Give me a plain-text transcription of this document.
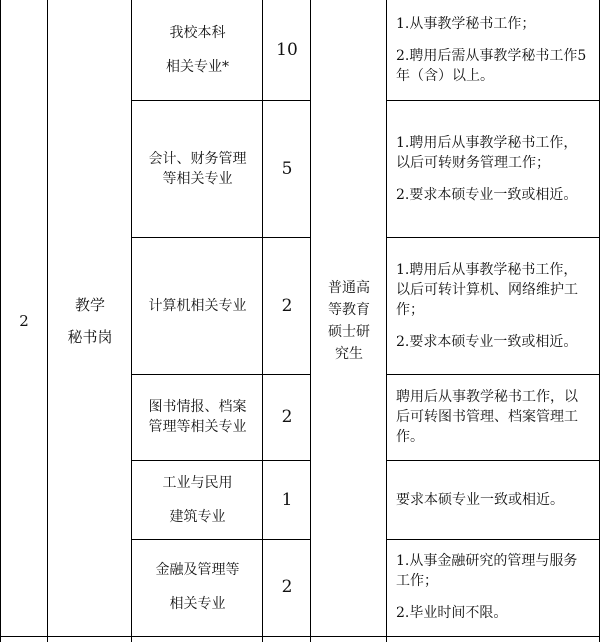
2
教学
秘书岗
普通高
等教育
硕士研
究生
我校本科
相关专业*
10

1.从事教学秘书工作；

2.聘用后需从事教学秘书工作5年（含）以上。

会计、财务管理
等相关专业	5

1.聘用后从事教学秘书工作，以后可转财务管理工作；

2.要求本硕专业一致或相近。

计算机相关专业 2

1.聘用后从事教学秘书工作，以后可转计算机、网络维护工作；

2.要求本硕专业一致或相近。

图书情报、档案
管理等相关专业 2

聘用后从事教学秘书工作，以后可转图书管理、档案管理工作。

工业与民用
建筑专业
1	要求本硕专业一致或相近。

金融及管理等
相关专业
2

1.从事金融研究的管理与服务工作；

2.毕业时间不限。
